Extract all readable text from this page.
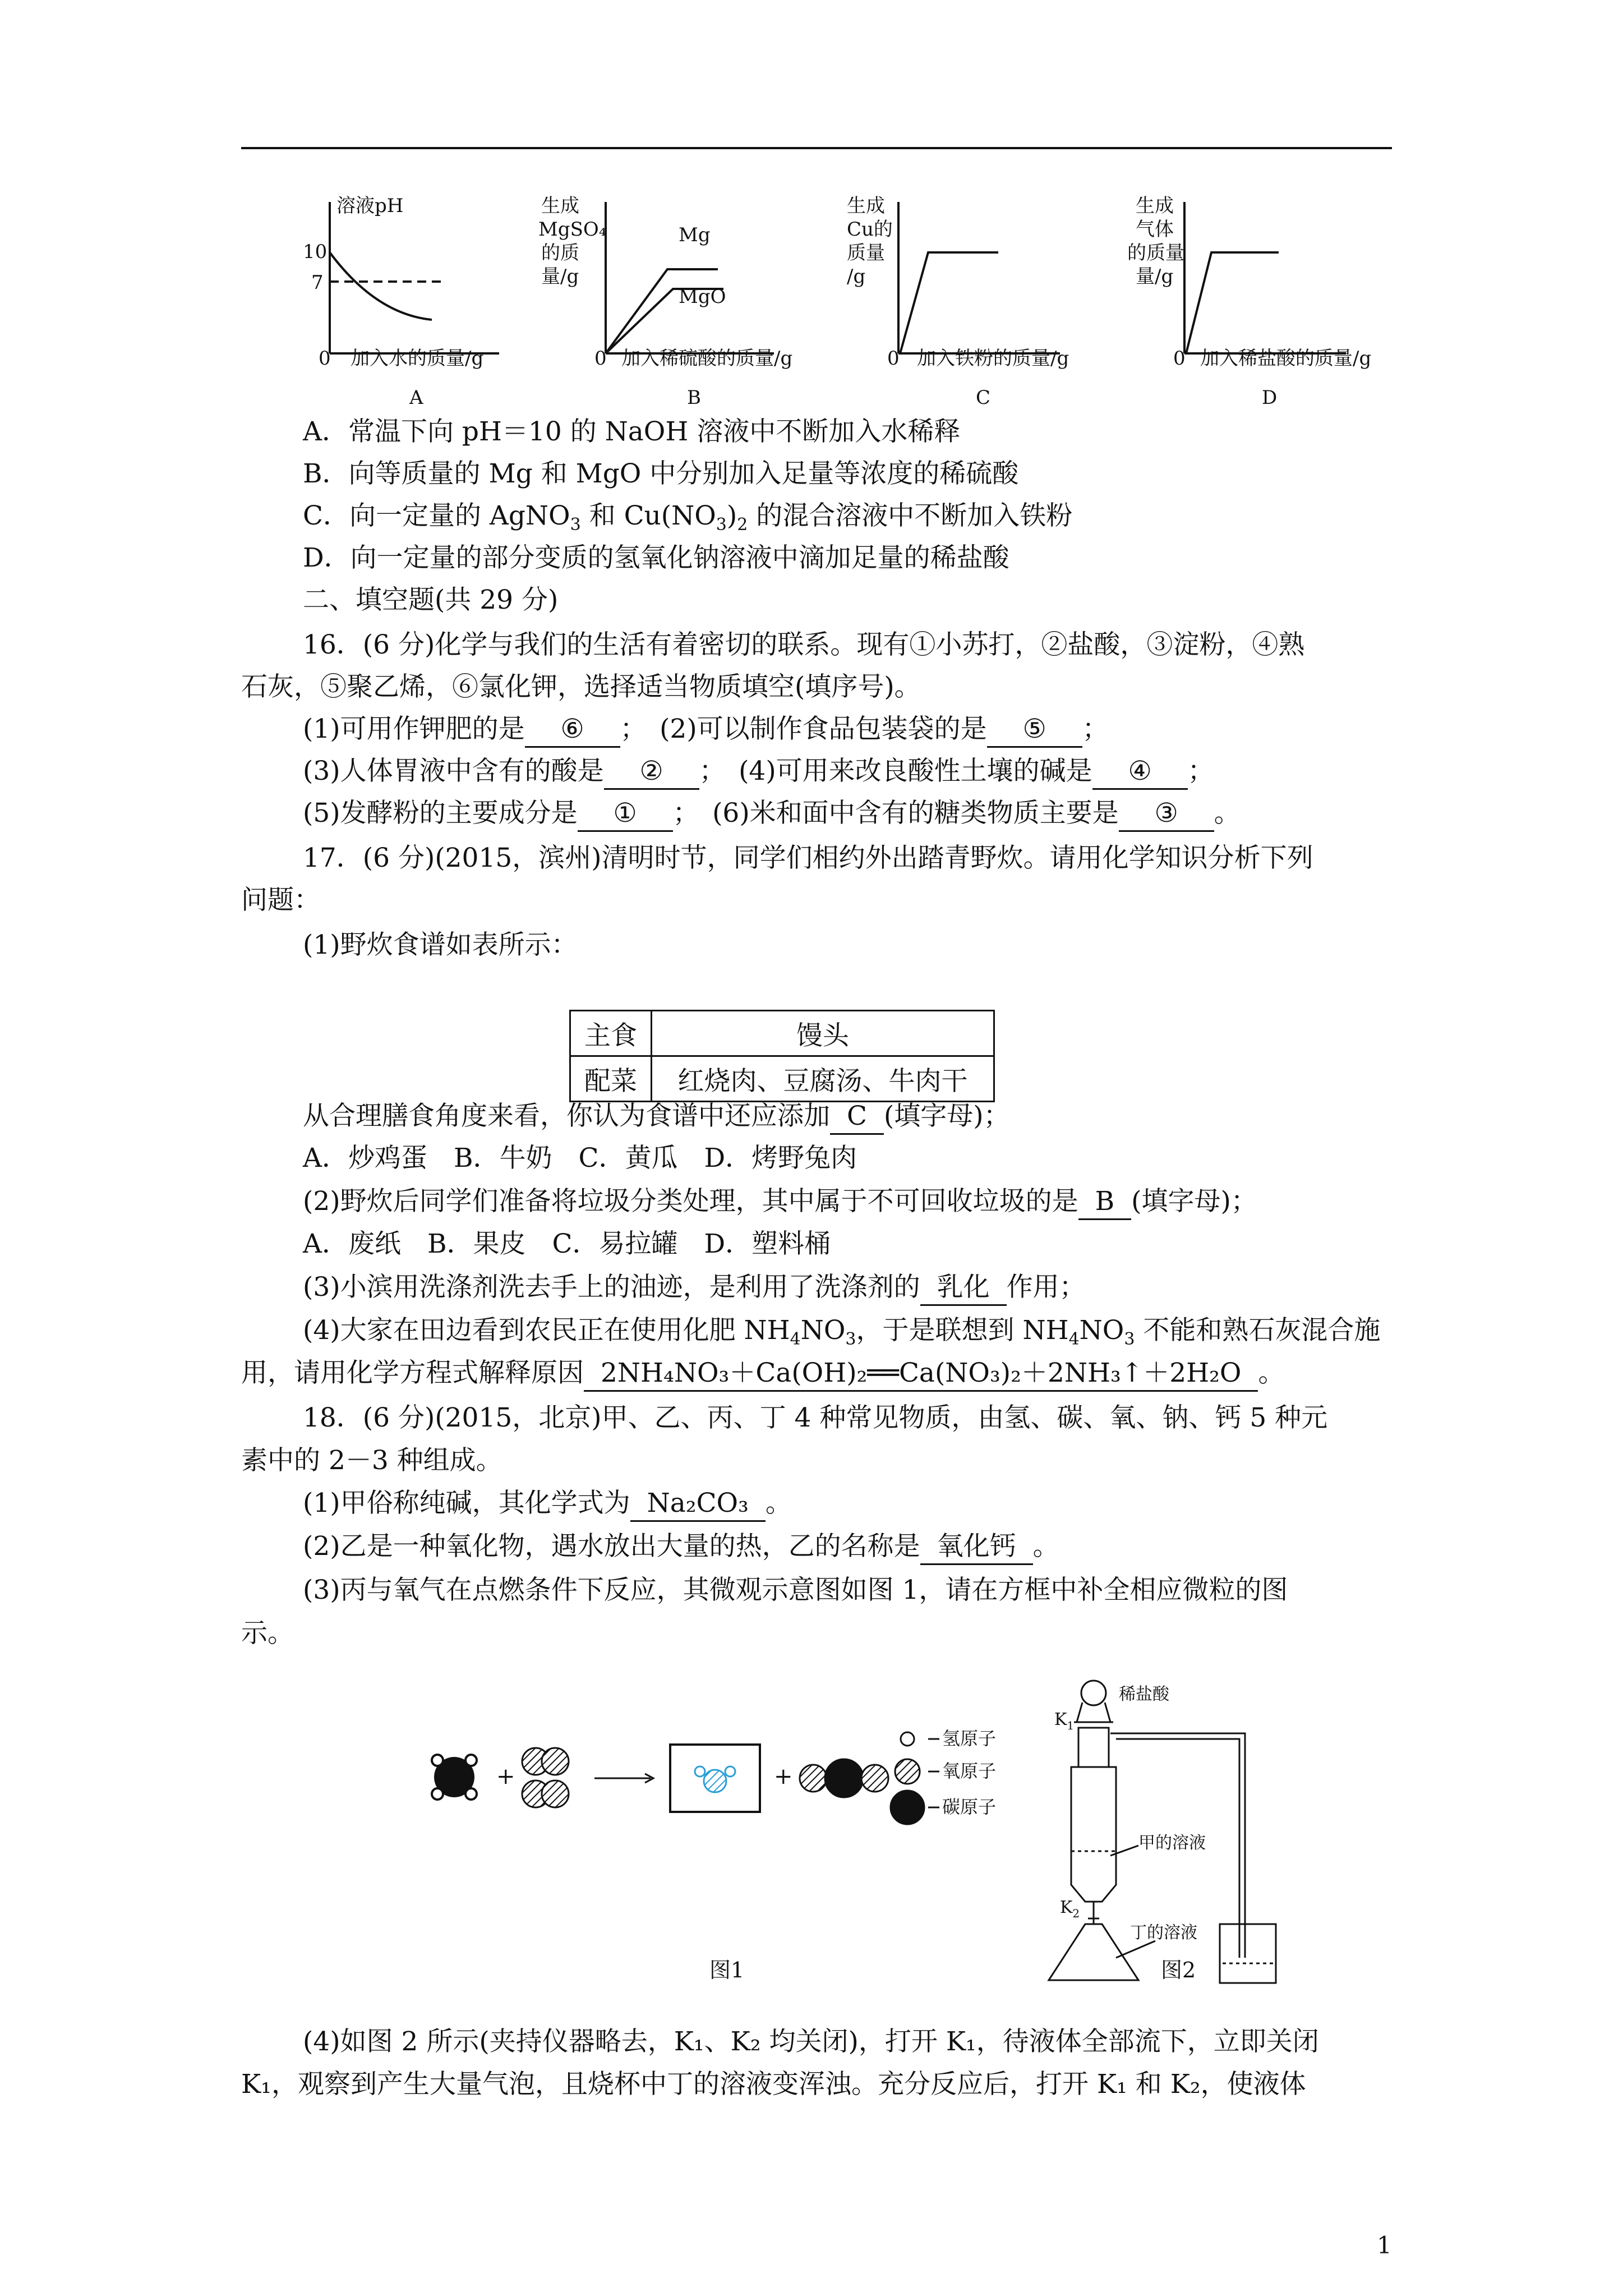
溶液pH
10
7
0 加入水的质量/g
A
生成
MgSO₄
的质
量/g
Mg
MgO
0 加入稀硫酸的质量/g
B
生成
Cu的
质量
/g
0 加入铁粉的质量/g
C
生成
气体
的质量
量/g
0 加入稀盐酸的质量/g
D
A．常温下向 pH＝10 的 NaOH 溶液中不断加入水稀释
B．向等质量的 Mg 和 MgO 中分别加入足量等浓度的稀硫酸
C．向一定量的 AgNO$_3$ 和 $Cu(NO_3)_2$ 的混合溶液中不断加入铁粉
D．向一定量的部分变质的氢氧化钠溶液中滴加足量的稀盐酸
二、填空题(共 29 分)
16．(6 分)化学与我们的生活有着密切的联系。现有①小苏打，②盐酸，③淀粉，④熟
石灰，⑤聚乙烯，⑥氯化钾，选择适当物质填空(填序号)。
(1)可用作钾肥的是 ⑥ ；　(2)可以制作食品包装袋的是 ⑤ ；
(3)人体胃液中含有的酸是 ② ；　(4)可用来改良酸性土壤的碱是 ④ ；
(5)发酵粉的主要成分是 ① ；　(6)米和面中含有的糖类物质主要是 ③ 。
17．(6 分)(2015，滨州)清明时节，同学们相约外出踏青野炊。请用化学知识分析下列
问题：
(1)野炊食谱如表所示：
主食	馒头
配菜	红烧肉、豆腐汤、牛肉干
从合理膳食角度来看，你认为食谱中还应添加 C (填字母)；
A．炒鸡蛋　B．牛奶　C．黄瓜　D．烤野兔肉
(2)野炊后同学们准备将垃圾分类处理，其中属于不可回收垃圾的是 B (填字母)；
A．废纸　B．果皮　C．易拉罐　D．塑料桶
(3)小滨用洗涤剂洗去手上的油迹，是利用了洗涤剂的 乳化 作用；
(4)大家在田边看到农民正在使用化肥 $NH_4NO_3$，于是联想到 $NH_4NO_3$ 不能和熟石灰混合施
用，请用化学方程式解释原因 2NH₄NO₃＋Ca(OH)₂══Ca(NO₃)₂＋2NH₃↑＋2H₂O 。
18．(6 分)(2015，北京)甲、乙、丙、丁 4 种常见物质，由氢、碳、氧、钠、钙 5 种元
素中的 2－3 种组成。
(1)甲俗称纯碱，其化学式为 Na₂CO₃ 。
(2)乙是一种氧化物，遇水放出大量的热，乙的名称是 氧化钙 。
(3)丙与氧气在点燃条件下反应，其微观示意图如图 1，请在方框中补全相应微粒的图
示。
+	+
氢原子
氧原子
碳原子
图1
稀盐酸
$K_1$
甲的溶液
$K_2$
丁的溶液
图2
(4)如图 2 所示(夹持仪器略去，K₁、K₂ 均关闭)，打开 K₁，待液体全部流下，立即关闭
K₁，观察到产生大量气泡，且烧杯中丁的溶液变浑浊。充分反应后，打开 K₁ 和 K₂，使液体
1
